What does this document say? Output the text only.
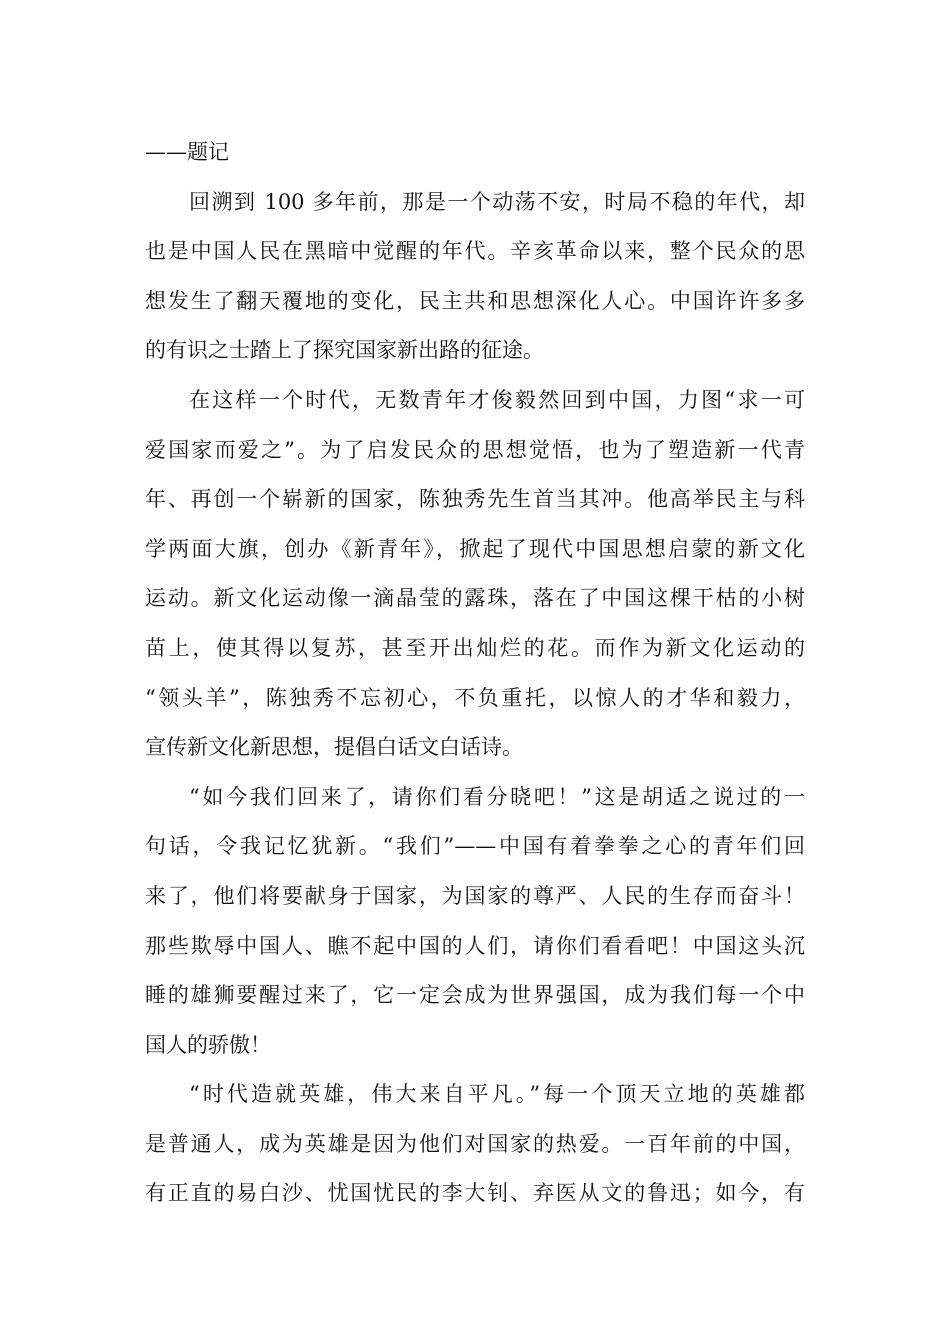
——题记
回溯到 100 多年前，那是一个动荡不安，时局不稳的年代，却
也是中国人民在黑暗中觉醒的年代。辛亥革命以来，整个民众的思
想发生了翻天覆地的变化，民主共和思想深化人心。中国许许多多
的有识之士踏上了探究国家新出路的征途。
在这样一个时代，无数青年才俊毅然回到中国，力图“求一可
爱国家而爱之”。为了启发民众的思想觉悟，也为了塑造新一代青
年、再创一个崭新的国家，陈独秀先生首当其冲。他高举民主与科
学两面大旗，创办《新青年》，掀起了现代中国思想启蒙的新文化
运动。新文化运动像一滴晶莹的露珠，落在了中国这棵干枯的小树
苗上，使其得以复苏，甚至开出灿烂的花。而作为新文化运动的
“领头羊”，陈独秀不忘初心，不负重托，以惊人的才华和毅力，
宣传新文化新思想，提倡白话文白话诗。
“如今我们回来了，请你们看分晓吧！”这是胡适之说过的一
句话，令我记忆犹新。“我们”——中国有着拳拳之心的青年们回
来了，他们将要献身于国家，为国家的尊严、人民的生存而奋斗！
那些欺辱中国人、瞧不起中国的人们，请你们看看吧！中国这头沉
睡的雄狮要醒过来了，它一定会成为世界强国，成为我们每一个中
国人的骄傲！
“时代造就英雄，伟大来自平凡。”每一个顶天立地的英雄都
是普通人，成为英雄是因为他们对国家的热爱。一百年前的中国，
有正直的易白沙、忧国忧民的李大钊、弃医从文的鲁迅；如今，有
